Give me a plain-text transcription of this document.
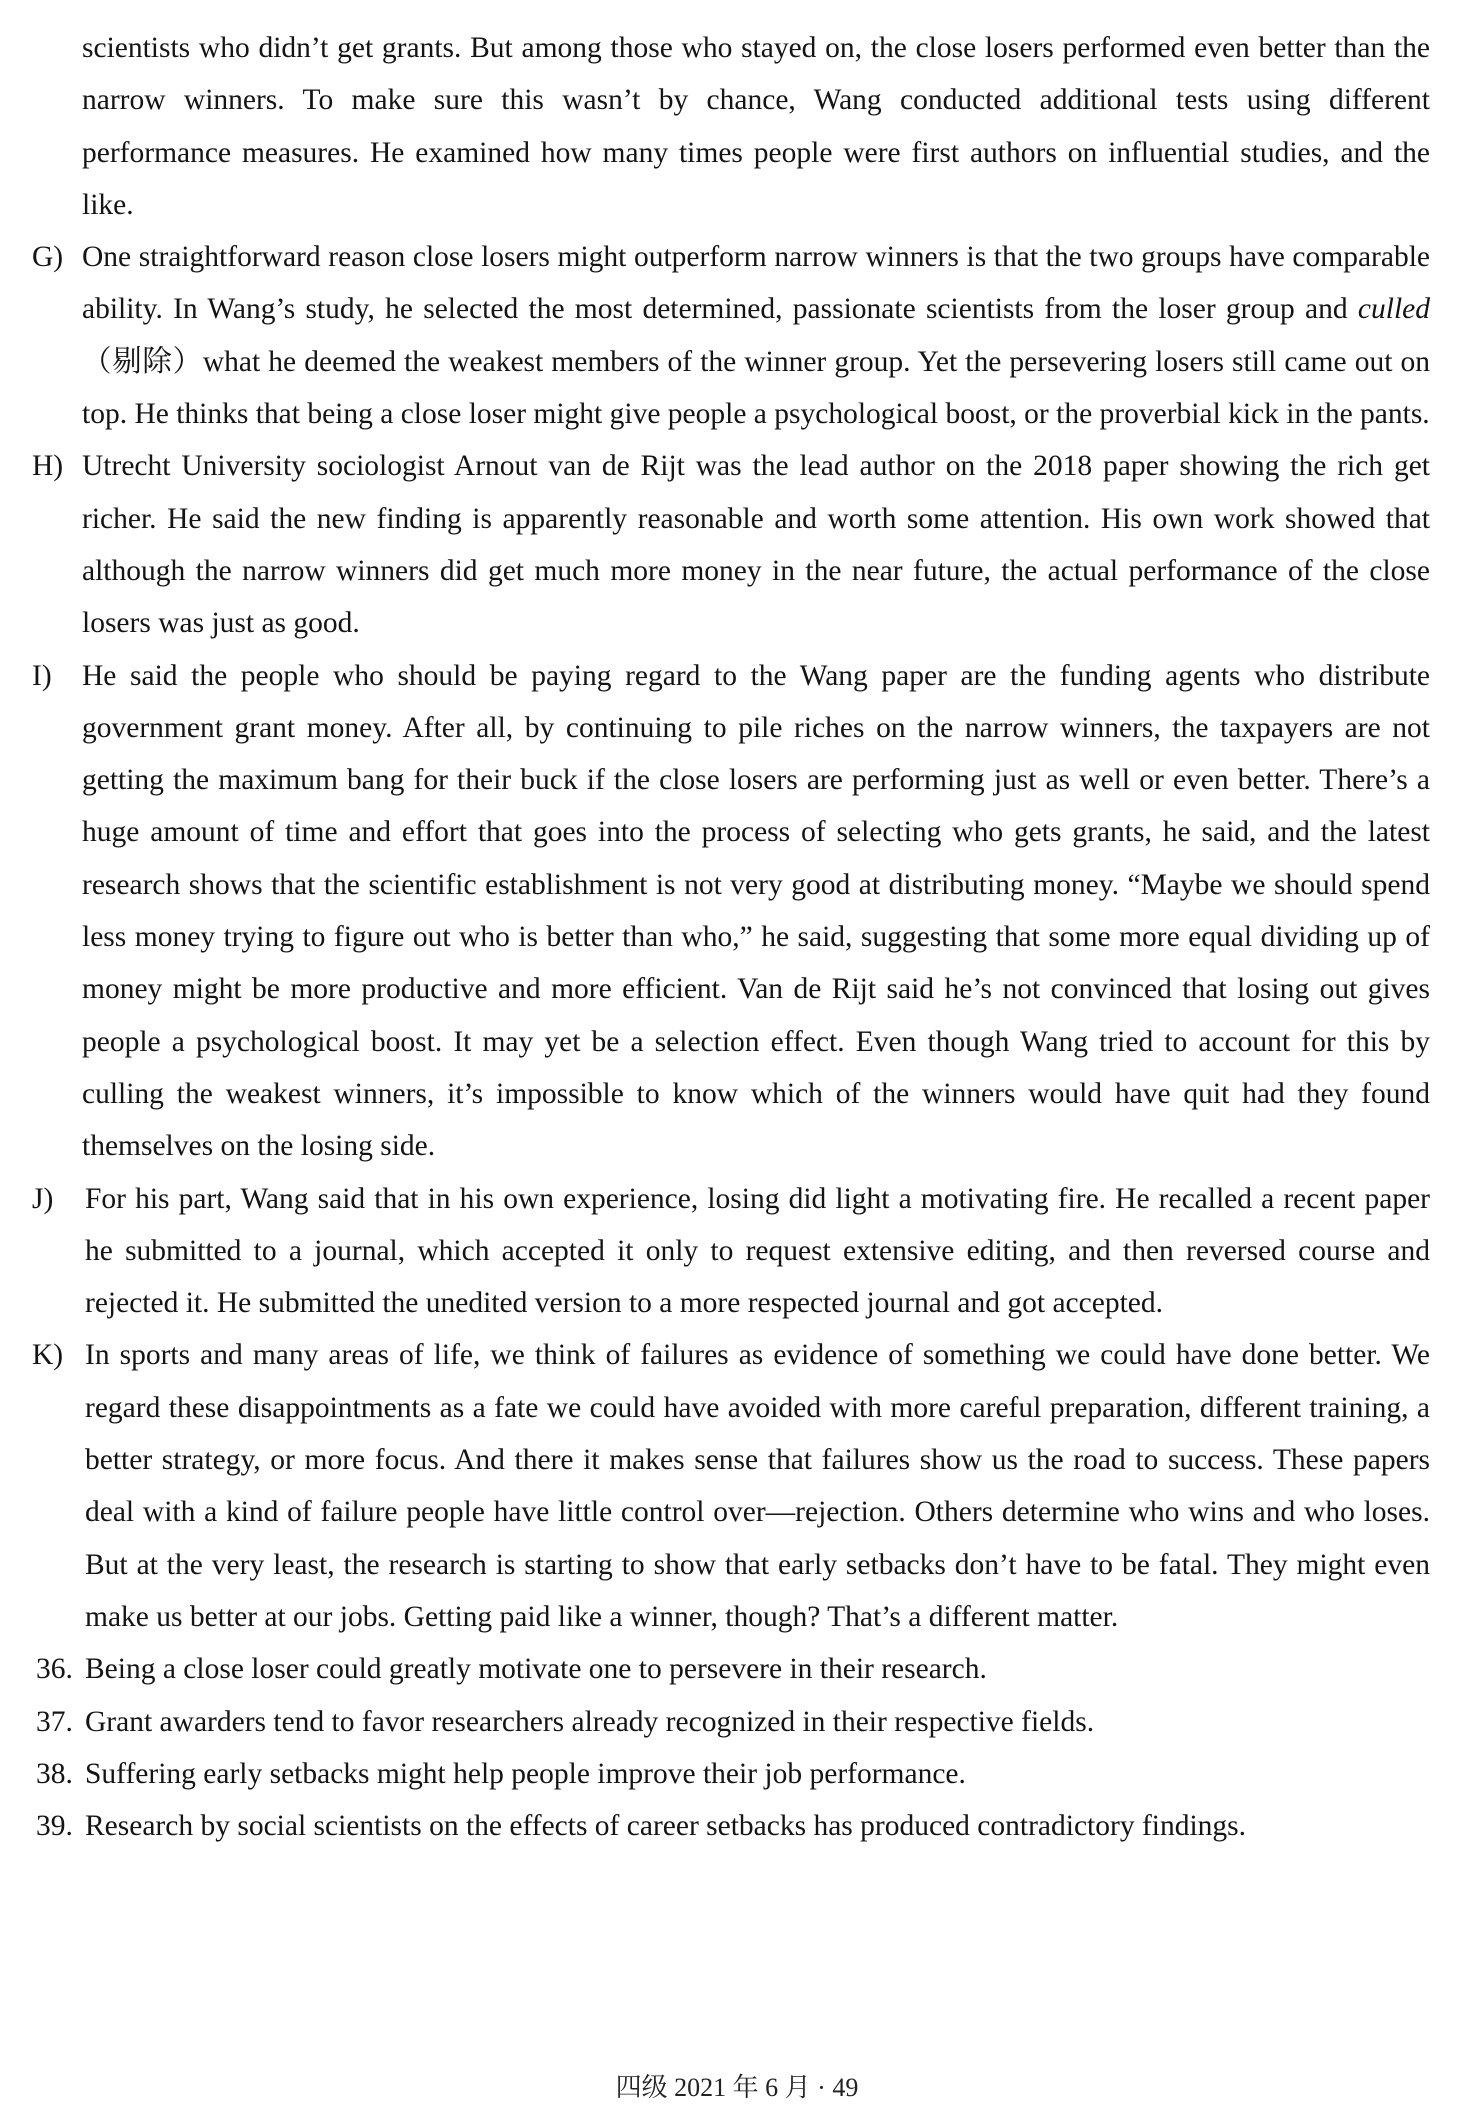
scientists who didn’t get grants. But among those who stayed on, the close losers performed even better than the narrow winners. To make sure this wasn’t by chance, Wang conducted additional tests using different performance measures. He examined how many times people were first authors on influential studies, and the like.

G) One straightforward reason close losers might outperform narrow winners is that the two groups have comparable ability. In Wang’s study, he selected the most determined, passionate scientists from the loser group and culled（剔除）what he deemed the weakest members of the winner group. Yet the persevering losers still came out on top. He thinks that being a close loser might give people a psychological boost, or the proverbial kick in the pants.

H) Utrecht University sociologist Arnout van de Rijt was the lead author on the 2018 paper showing the rich get richer. He said the new finding is apparently reasonable and worth some attention. His own work showed that although the narrow winners did get much more money in the near future, the actual performance of the close losers was just as good.

I)	He said the people who should be paying regard to the Wang paper are the funding agents who distribute government grant money. After all, by continuing to pile riches on the narrow winners, the taxpayers are not getting the maximum bang for their buck if the close losers are performing just as well or even better. There’s a huge amount of time and effort that goes into the process of selecting who gets grants, he said, and the latest research shows that the scientific establishment is not very good at distributing money. “Maybe we should spend less money trying to figure out who is better than who,” he said, suggesting that some more equal dividing up of money might be more productive and more efficient. Van de Rijt said he’s not convinced that losing out gives people a psychological boost. It may yet be a selection effect. Even though Wang tried to account for this by culling the weakest winners, it’s impossible to know which of the winners would have quit had they found themselves on the losing side.

J)	For his part, Wang said that in his own experience, losing did light a motivating fire. He recalled a recent paper he submitted to a journal, which accepted it only to request extensive editing, and then reversed course and rejected it. He submitted the unedited version to a more respected journal and got accepted.

K) In sports and many areas of life, we think of failures as evidence of something we could have done better. We regard these disappointments as a fate we could have avoided with more careful preparation, different training, a better strategy, or more focus. And there it makes sense that failures show us the road to success. These papers deal with a kind of failure people have little control over—rejection. Others determine who wins and who loses. But at the very least, the research is starting to show that early setbacks don’t have to be fatal. They might even make us better at our jobs. Getting paid like a winner, though? That’s a different matter.

36. Being a close loser could greatly motivate one to persevere in their research.

37. Grant awarders tend to favor researchers already recognized in their respective fields.

38. Suffering early setbacks might help people improve their job performance.

39. Research by social scientists on the effects of career setbacks has produced contradictory findings.

四级 2021 年 6 月 · 49
